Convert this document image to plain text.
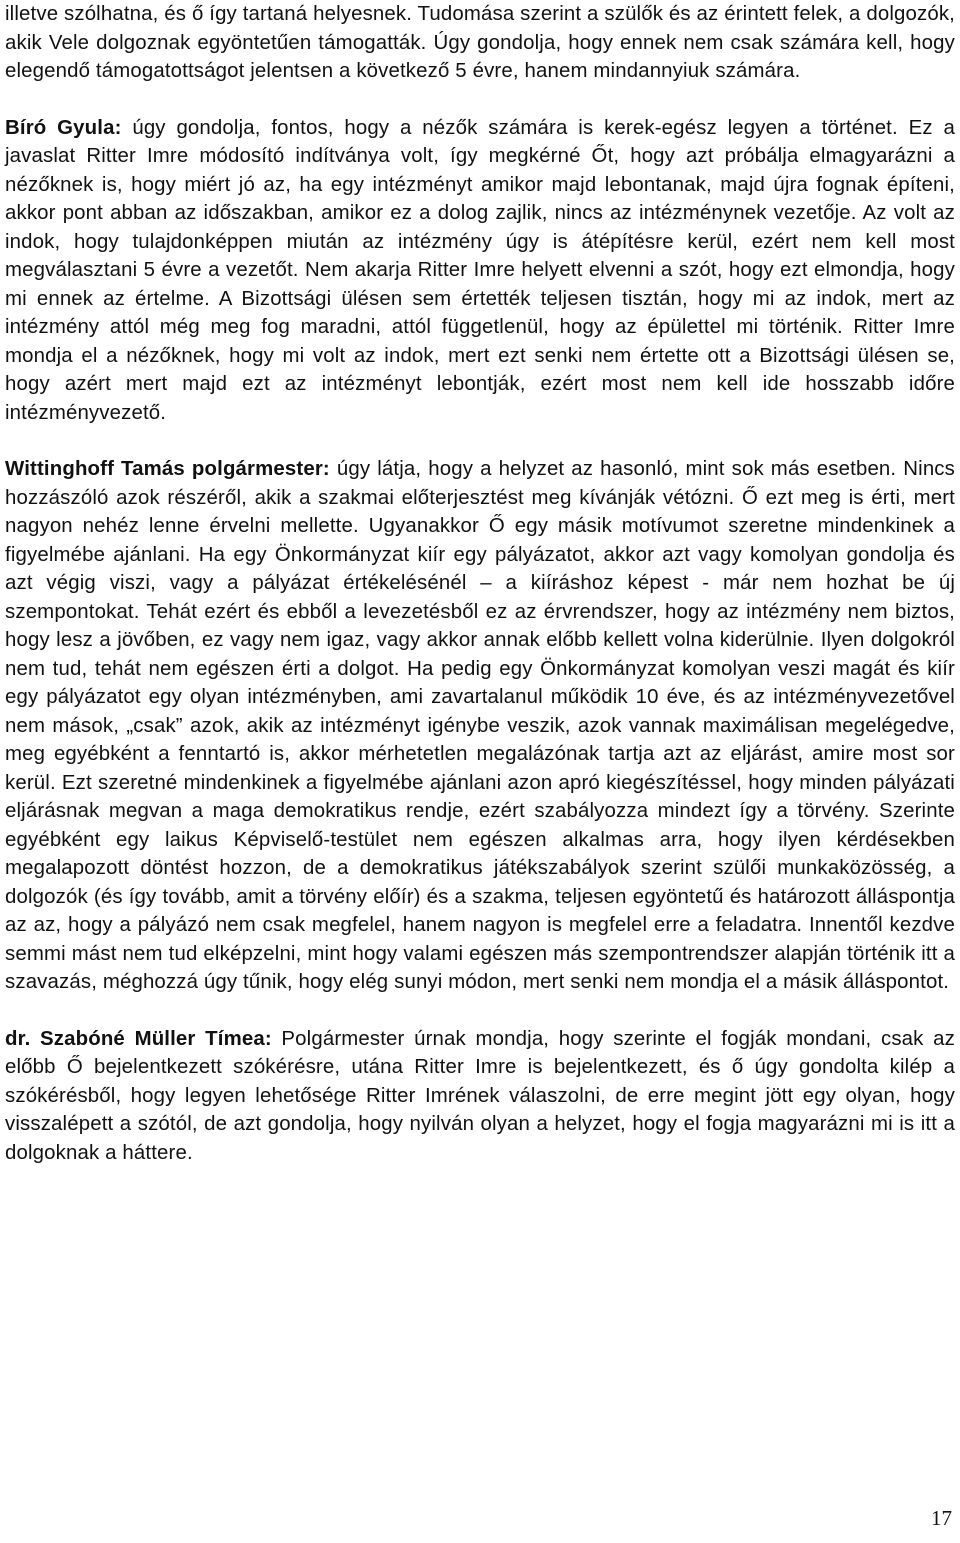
illetve szólhatna, és ő így tartaná helyesnek. Tudomása szerint a szülők és az érintett felek, a dolgozók, akik Vele dolgoznak egyöntetűen támogatták. Úgy gondolja, hogy ennek nem csak számára kell, hogy elegendő támogatottságot jelentsen a következő 5 évre, hanem mindannyiuk számára.

Bíró Gyula: úgy gondolja, fontos, hogy a nézők számára is kerek-egész legyen a történet. Ez a javaslat Ritter Imre módosító indítványa volt, így megkérné Őt, hogy azt próbálja elmagyarázni a nézőknek is, hogy miért jó az, ha egy intézményt amikor majd lebontanak, majd újra fognak építeni, akkor pont abban az időszakban, amikor ez a dolog zajlik, nincs az intézménynek vezetője. Az volt az indok, hogy tulajdonképpen miután az intézmény úgy is átépítésre kerül, ezért nem kell most megválasztani 5 évre a vezetőt. Nem akarja Ritter Imre helyett elvenni a szót, hogy ezt elmondja, hogy mi ennek az értelme. A Bizottsági ülésen sem értették teljesen tisztán, hogy mi az indok, mert az intézmény attól még meg fog maradni, attól függetlenül, hogy az épülettel mi történik. Ritter Imre mondja el a nézőknek, hogy mi volt az indok, mert ezt senki nem értette ott a Bizottsági ülésen se, hogy azért mert majd ezt az intézményt lebontják, ezért most nem kell ide hosszabb időre intézményvezető.

Wittinghoff Tamás polgármester: úgy látja, hogy a helyzet az hasonló, mint sok más esetben. Nincs hozzászóló azok részéről, akik a szakmai előterjesztést meg kívánják vétózni. Ő ezt meg is érti, mert nagyon nehéz lenne érvelni mellette. Ugyanakkor Ő egy másik motívumot szeretne mindenkinek a figyelmébe ajánlani. Ha egy Önkormányzat kiír egy pályázatot, akkor azt vagy komolyan gondolja és azt végig viszi, vagy a pályázat értékelésénél – a kiíráshoz képest - már nem hozhat be új szempontokat. Tehát ezért és ebből a levezetésből ez az érvrendszer, hogy az intézmény nem biztos, hogy lesz a jövőben, ez vagy nem igaz, vagy akkor annak előbb kellett volna kiderülnie. Ilyen dolgokról nem tud, tehát nem egészen érti a dolgot. Ha pedig egy Önkormányzat komolyan veszi magát és kiír egy pályázatot egy olyan intézményben, ami zavartalanul működik 10 éve, és az intézményvezetővel nem mások, „csak” azok, akik az intézményt igénybe veszik, azok vannak maximálisan megelégedve, meg egyébként a fenntartó is, akkor mérhetetlen megalázónak tartja azt az eljárást, amire most sor kerül. Ezt szeretné mindenkinek a figyelmébe ajánlani azon apró kiegészítéssel, hogy minden pályázati eljárásnak megvan a maga demokratikus rendje, ezért szabályozza mindezt így a törvény. Szerinte egyébként egy laikus Képviselő-testület nem egészen alkalmas arra, hogy ilyen kérdésekben megalapozott döntést hozzon, de a demokratikus játékszabályok szerint szülői munkaközösség, a dolgozók (és így tovább, amit a törvény előír) és a szakma, teljesen egyöntetű és határozott álláspontja az az, hogy a pályázó nem csak megfelel, hanem nagyon is megfelel erre a feladatra. Innentől kezdve semmi mást nem tud elképzelni, mint hogy valami egészen más szempontrendszer alapján történik itt a szavazás, méghozzá úgy tűnik, hogy elég sunyi módon, mert senki nem mondja el a másik álláspontot.

dr. Szabóné Müller Tímea: Polgármester úrnak mondja, hogy szerinte el fogják mondani, csak az előbb Ő bejelentkezett szókérésre, utána Ritter Imre is bejelentkezett, és ő úgy gondolta kilép a szókérésből, hogy legyen lehetősége Ritter Imrének válaszolni, de erre megint jött egy olyan, hogy visszalépett a szótól, de azt gondolja, hogy nyilván olyan a helyzet, hogy el fogja magyarázni mi is itt a dolgoknak a háttere.

17
